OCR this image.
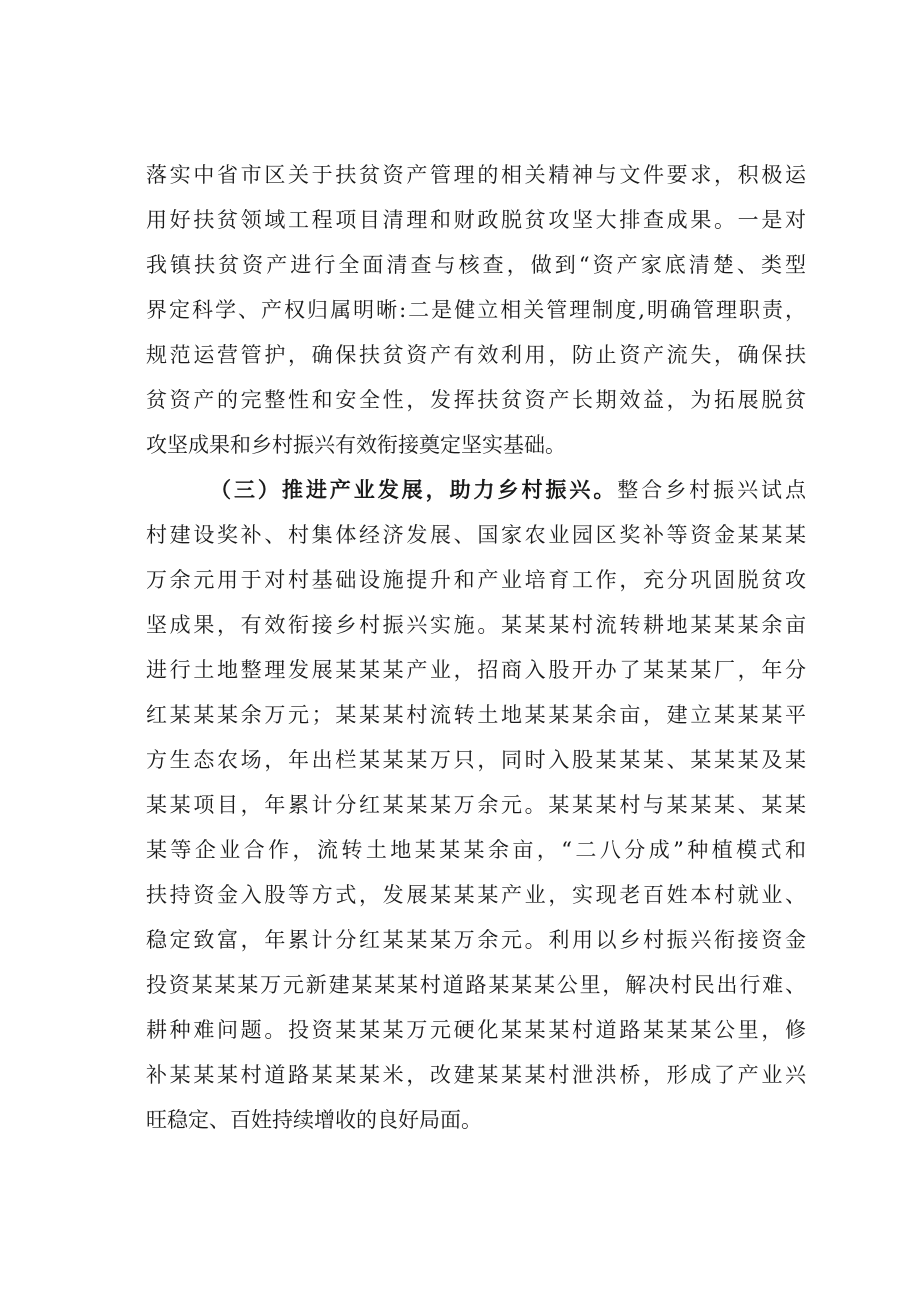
落实中省市区关于扶贫资产管理的相关精神与文件要求，积极运
用好扶贫领域工程项目清理和财政脱贫攻坚大排查成果。一是对
我镇扶贫资产进行全面清查与核查，做到“资产家底清楚、类型
界定科学、产权归属明晰:二是健立相关管理制度,明确管理职责，
规范运营管护，确保扶贫资产有效利用，防止资产流失，确保扶
贫资产的完整性和安全性，发挥扶贫资产长期效益，为拓展脱贫
攻坚成果和乡村振兴有效衔接奠定坚实基础。
（三）推进产业发展，助力乡村振兴。整合乡村振兴试点
村建设奖补、村集体经济发展、国家农业园区奖补等资金某某某
万余元用于对村基础设施提升和产业培育工作，充分巩固脱贫攻
坚成果，有效衔接乡村振兴实施。某某某村流转耕地某某某余亩
进行土地整理发展某某某产业，招商入股开办了某某某厂，年分
红某某某余万元；某某某村流转土地某某某余亩，建立某某某平
方生态农场，年出栏某某某万只，同时入股某某某、某某某及某
某某项目，年累计分红某某某万余元。某某某村与某某某、某某
某等企业合作，流转土地某某某余亩，“二八分成”种植模式和
扶持资金入股等方式，发展某某某产业，实现老百姓本村就业、
稳定致富，年累计分红某某某万余元。利用以乡村振兴衔接资金
投资某某某万元新建某某某村道路某某某公里，解决村民出行难、
耕种难问题。投资某某某万元硬化某某某村道路某某某公里，修
补某某某村道路某某某米，改建某某某村泄洪桥，形成了产业兴
旺稳定、百姓持续增收的良好局面。
